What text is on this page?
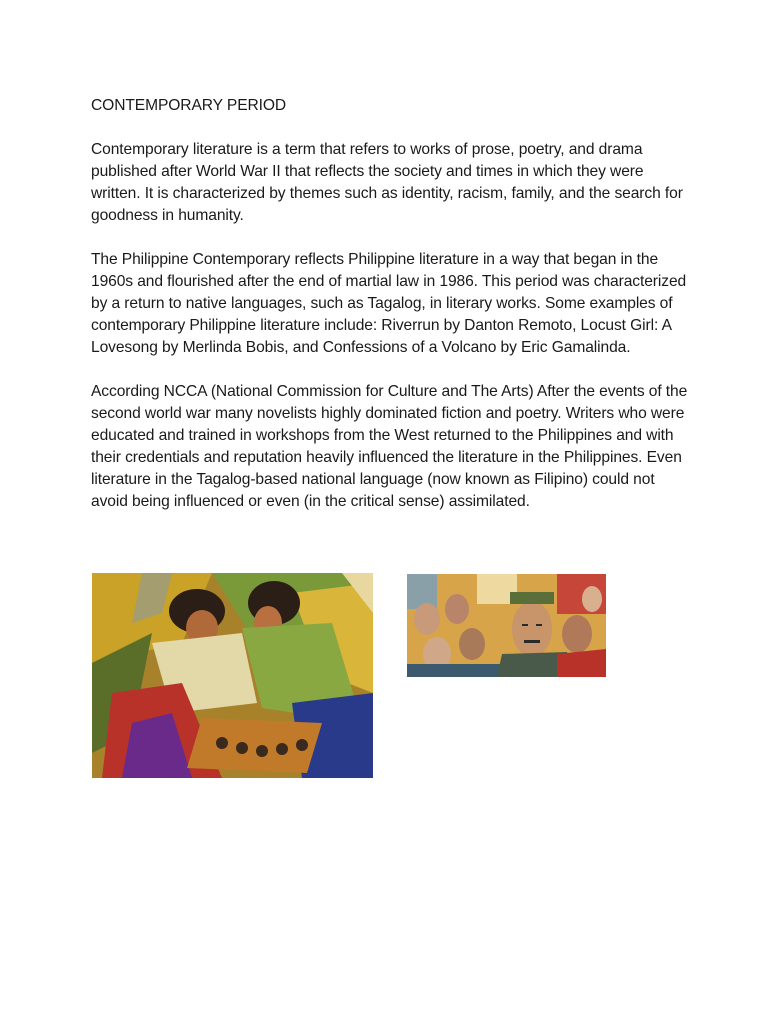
CONTEMPORARY PERIOD

Contemporary literature is a term that refers to works of prose, poetry, and drama published after World War II that reflects the society and times in which they were written. It is characterized by themes such as identity, racism, family, and the search for goodness in humanity.

The Philippine Contemporary reflects Philippine literature in a way that began in the 1960s and flourished after the end of martial law in 1986. This period was characterized by a return to native languages, such as Tagalog, in literary works. Some examples of contemporary Philippine literature include: Riverrun by Danton Remoto, Locust Girl: A Lovesong by Merlinda Bobis, and Confessions of a Volcano by Eric Gamalinda.

According NCCA (National Commission for Culture and The Arts) After the events of the second world war many novelists highly dominated fiction and poetry. Writers who were educated and trained in workshops from the West returned to the Philippines and with their credentials and reputation heavily influenced the literature in the Philippines. Even literature in the Tagalog-based national language (now known as Filipino) could not avoid being influenced or even (in the critical sense) assimilated.
